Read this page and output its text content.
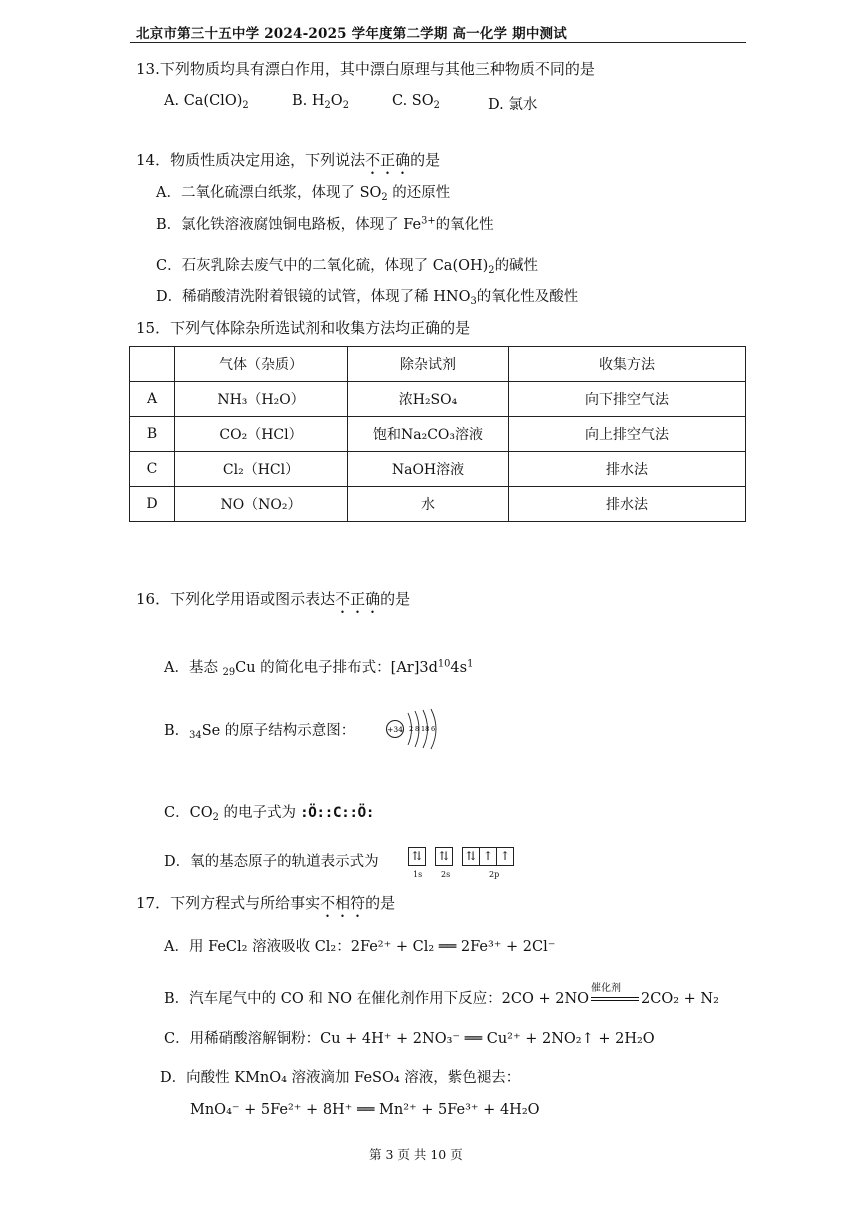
北京市第三十五中学 2024-2025 学年度第二学期 高一化学 期中测试
13.下列物质均具有漂白作用，其中漂白原理与其他三种物质不同的是
A. $Ca(ClO)_2$	B. $H_2O_2$	C. $SO_2$	D. 氯水
14．物质性质决定用途，下列说法不正确的是
A．二氧化硫漂白纸浆，体现了 $SO_2$ 的还原性
B．氯化铁溶液腐蚀铜电路板，体现了 $Fe^{3+}$的氧化性
C．石灰乳除去废气中的二氧化硫，体现了 $Ca(OH)_2$的碱性
D．稀硝酸清洗附着银镜的试管，体现了稀 $HNO_3$的氧化性及酸性
15．下列气体除杂所选试剂和收集方法均正确的是
	气体（杂质）	除杂试剂	收集方法
A	NH₃（H₂O）	浓H₂SO₄	向下排空气法
B	CO₂（HCl）	饱和Na₂CO₃溶液	向上排空气法
C	Cl₂（HCl）	NaOH溶液	排水法
D	NO（NO₂）	水	排水法
16．下列化学用语或图示表达不正确的是
A．基态 $_{29}$Cu 的简化电子排布式：$[Ar]3d^{10}4s^1$
B．$_{34}$Se 的原子结构示意图：	+34 2 8 18 6
C．$CO_2$ 的电子式为 :Ö::C::Ö:
D．氧的基态原子的轨道表示式为	⇅ ⇅ ⇅ ↑ ↑
1s 2s	2p
17．下列方程式与所给事实不相符的是
A．用 FeCl₂ 溶液吸收 Cl₂：2Fe²⁺ + Cl₂ ══ 2Fe³⁺ + 2Cl⁻
B．汽车尾气中的 CO 和 NO 在催化剂作用下反应：2CO + 2NO
催化剂
2CO₂ + N₂
C．用稀硝酸溶解铜粉：Cu + 4H⁺ + 2NO₃⁻ ══ Cu²⁺ + 2NO₂↑ + 2H₂O
D．向酸性 KMnO₄ 溶液滴加 FeSO₄ 溶液，紫色褪去：
MnO₄⁻ + 5Fe²⁺ + 8H⁺ ══ Mn²⁺ + 5Fe³⁺ + 4H₂O
第 3 页 共 10 页
